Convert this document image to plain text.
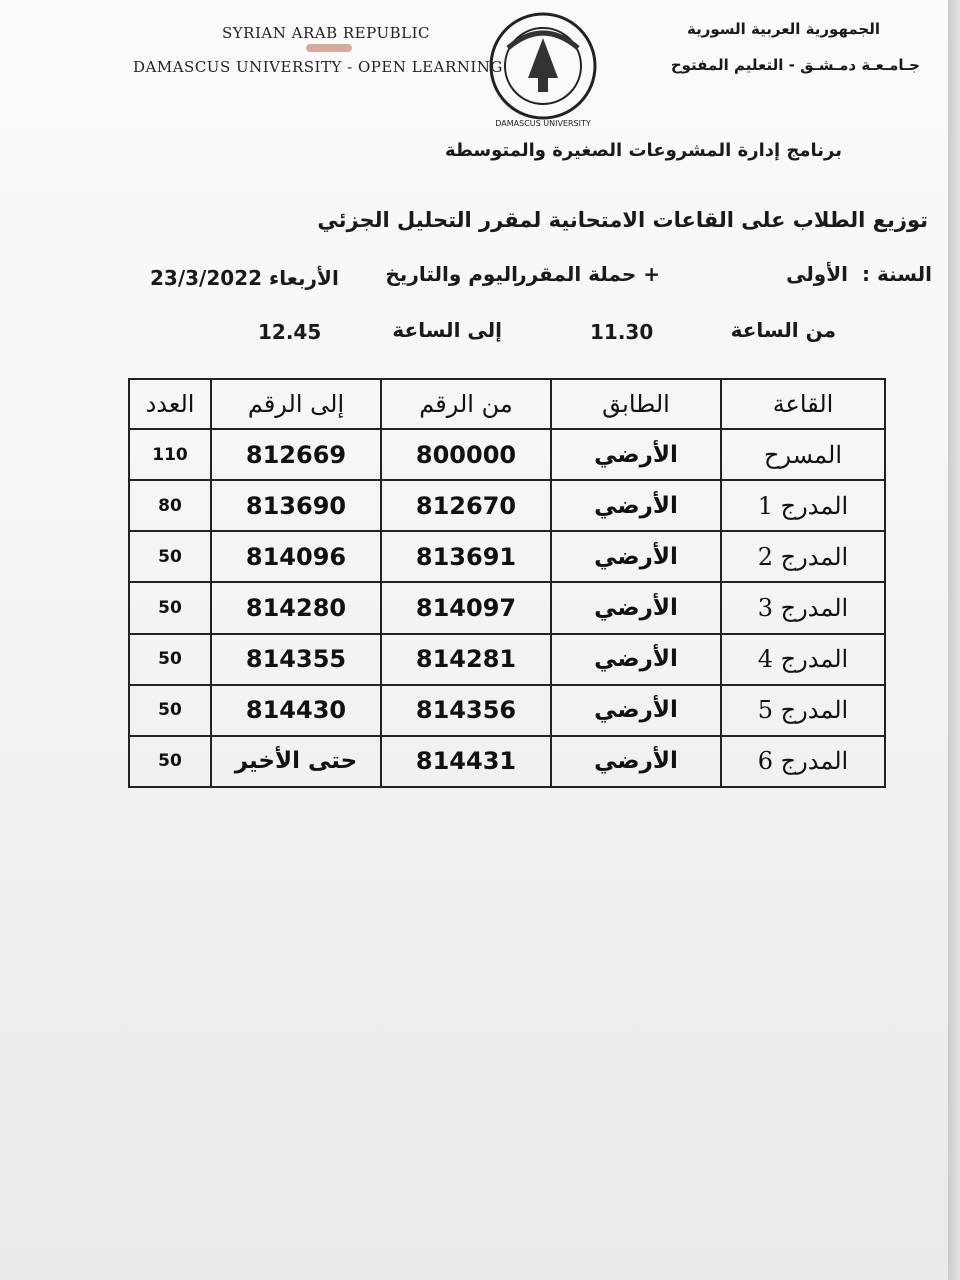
SYRIAN ARAB REPUBLIC
DAMASCUS UNIVERSITY - OPEN LEARNING
DAMASCUS UNIVERSITY
الجمهورية العربية السورية
جـامـعـة دمـشـق - التعليم المفتوح
برنامج إدارة المشروعات الصغيرة والمتوسطة
توزيع الطلاب على القاعات الامتحانية لمقرر التحليل الجزئي
السنة :
الأولى
+ حملة المقرر
اليوم والتاريخ
23/3/2022 الأربعاء
من الساعة
11.30
إلى الساعة
12.45
القاعة	الطابق	من الرقم	إلى الرقم	العدد
المسرح	الأرضي	800000	812669	110
المدرج 1	الأرضي	812670	813690	80
المدرج 2	الأرضي	813691	814096	50
المدرج 3	الأرضي	814097	814280	50
المدرج 4	الأرضي	814281	814355	50
المدرج 5	الأرضي	814356	814430	50
المدرج 6	الأرضي	814431	حتى الأخير	50
